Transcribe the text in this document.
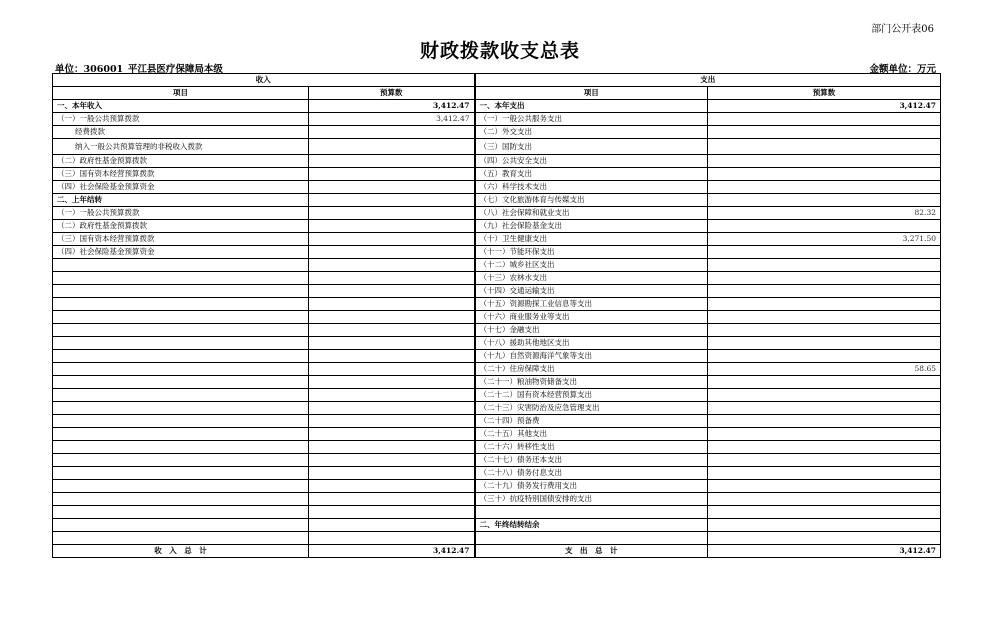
部门公开表06
财政拨款收支总表
单位：306001_平江县医疗保障局本级	金额单位：万元
收入		支出	
项目	预算数	项目	预算数
一、本年收入	3,412.47	一、本年支出	3,412.47
（一）一般公共预算拨款	3,412.47	（一）一般公共服务支出	
经费拨款		（二）外交支出	
纳入一般公共预算管理的非税收入拨款		（三）国防支出	
（二）政府性基金预算拨款		（四）公共安全支出	
（三）国有资本经营预算拨款		（五）教育支出	
（四）社会保险基金预算资金		（六）科学技术支出	
二、上年结转		（七）文化旅游体育与传媒支出	
（一）一般公共预算拨款		（八）社会保障和就业支出	82.32
（二）政府性基金预算拨款		（九）社会保险基金支出	
（三）国有资本经营预算拨款		（十）卫生健康支出	3,271.50
（四）社会保险基金预算资金		（十一）节能环保支出	
		（十二）城乡社区支出	
		（十三）农林水支出	
		（十四）交通运输支出	
		（十五）资源勘探工业信息等支出	
		（十六）商业服务业等支出	
		（十七）金融支出	
		（十八）援助其他地区支出	
		（十九）自然资源海洋气象等支出	
		（二十）住房保障支出	58.65
		（二十一）粮油物资储备支出	
		（二十二）国有资本经营预算支出	
		（二十三）灾害防治及应急管理支出	
		（二十四）预备费	
		（二十五）其他支出	
		（二十六）转移性支出	
		（二十七）债务还本支出	
		（二十八）债务付息支出	
		（二十九）债务发行费用支出	
		（三十）抗疫特别国债安排的支出	

		二、年终结转结余	

收　入　总　计	3,412.47	支　出　总　计	3,412.47
